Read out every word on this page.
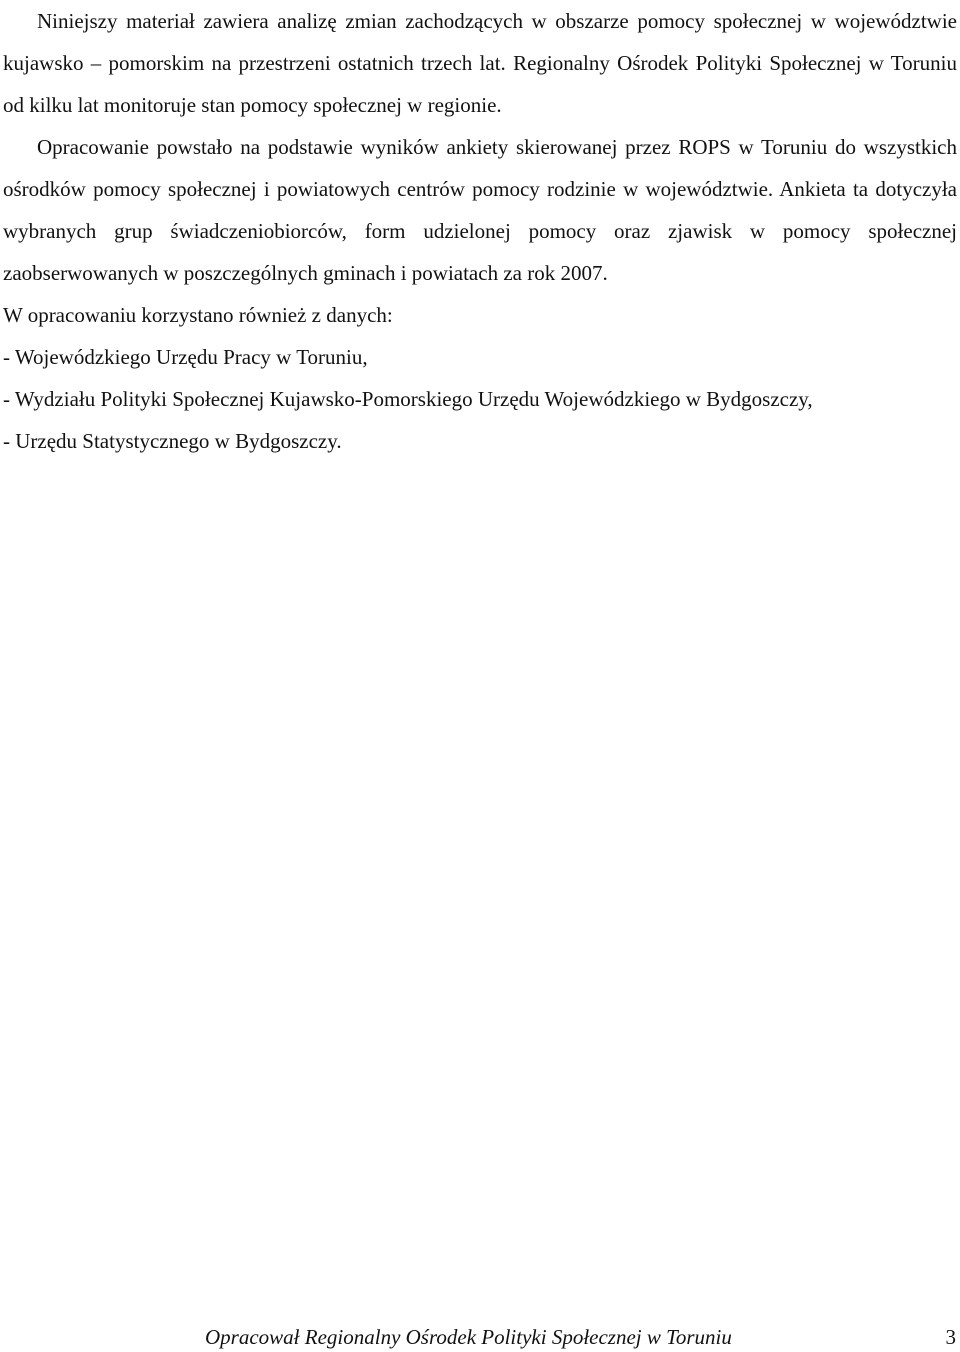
Niniejszy materiał zawiera analizę zmian zachodzących w obszarze pomocy społecznej w województwie kujawsko – pomorskim na przestrzeni ostatnich trzech lat. Regionalny Ośrodek Polityki Społecznej w Toruniu od kilku lat monitoruje stan pomocy społecznej w regionie.

Opracowanie powstało na podstawie wyników ankiety skierowanej przez ROPS w Toruniu do wszystkich ośrodków pomocy społecznej i powiatowych centrów pomocy rodzinie w województwie. Ankieta ta dotyczyła wybranych grup świadczeniobiorców, form udzielonej pomocy oraz zjawisk w pomocy społecznej zaobserwowanych w poszczególnych gminach i powiatach za rok 2007.

W opracowaniu korzystano również z danych:

- Wojewódzkiego Urzędu Pracy w Toruniu,

- Wydziału Polityki Społecznej Kujawsko-Pomorskiego Urzędu Wojewódzkiego w Bydgoszczy,

- Urzędu Statystycznego w Bydgoszczy.

Opracował Regionalny Ośrodek Polityki Społecznej w Toruniu	3
